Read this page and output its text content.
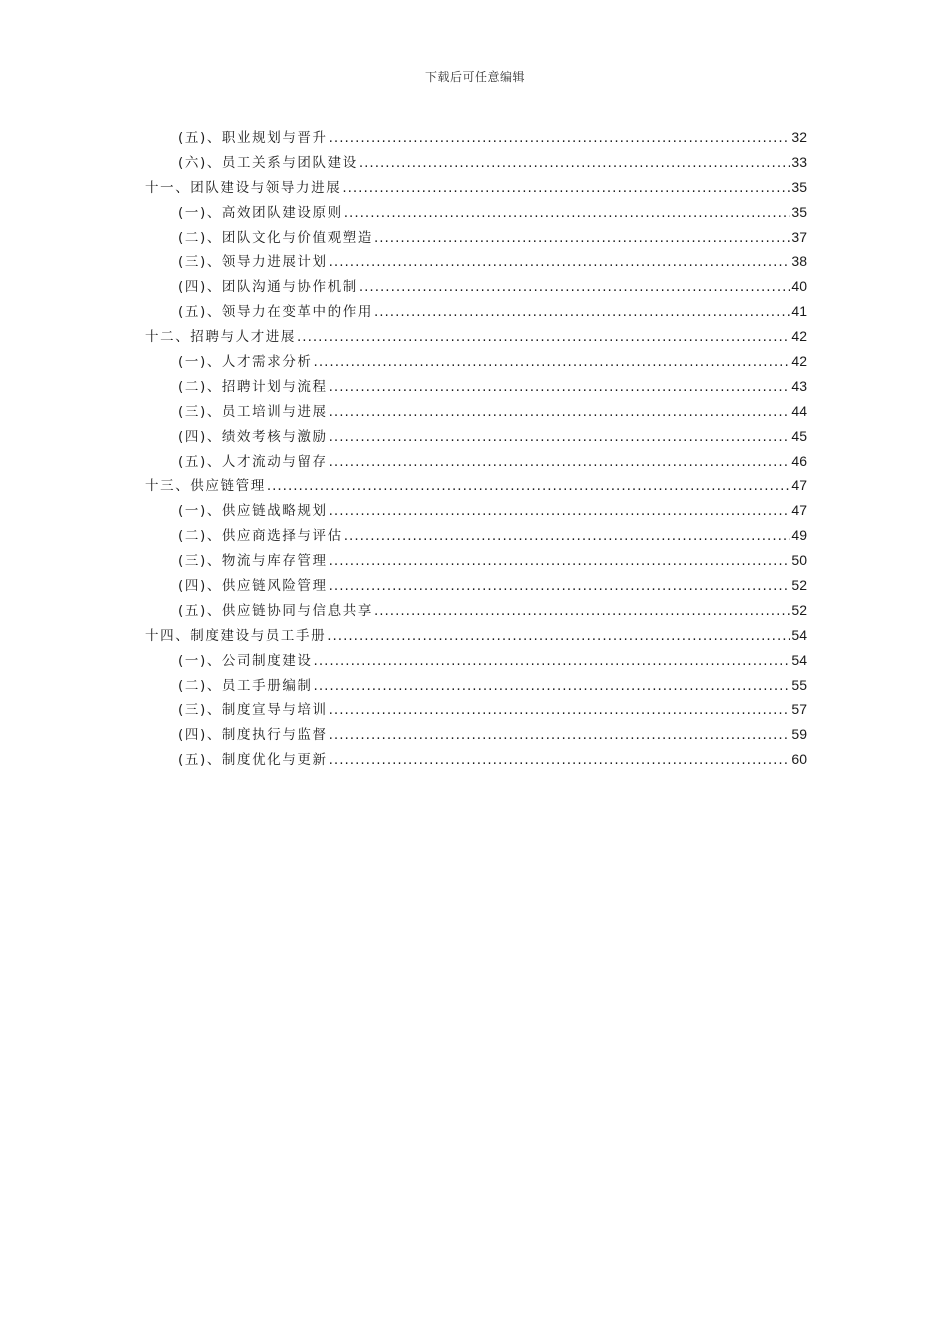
下载后可任意编辑
(五)、职业规划与晋升 .....	32
(六)、员工关系与团队建设 .....	33
十一、团队建设与领导力进展 .....	35
(一)、高效团队建设原则 .....	35
(二)、团队文化与价值观塑造 .....	37
(三)、领导力进展计划 .....	38
(四)、团队沟通与协作机制 .....	40
(五)、领导力在变革中的作用 .....	41
十二、招聘与人才进展 .....	42
(一)、人才需求分析 .....	42
(二)、招聘计划与流程 .....	43
(三)、员工培训与进展 .....	44
(四)、绩效考核与激励 .....	45
(五)、人才流动与留存 .....	46
十三、供应链管理 .....	47
(一)、供应链战略规划 .....	47
(二)、供应商选择与评估 .....	49
(三)、物流与库存管理 .....	50
(四)、供应链风险管理 .....	52
(五)、供应链协同与信息共享 .....	52
十四、制度建设与员工手册 .....	54
(一)、公司制度建设 .....	54
(二)、员工手册编制 .....	55
(三)、制度宣导与培训 .....	57
(四)、制度执行与监督 .....	59
(五)、制度优化与更新 .....	60
